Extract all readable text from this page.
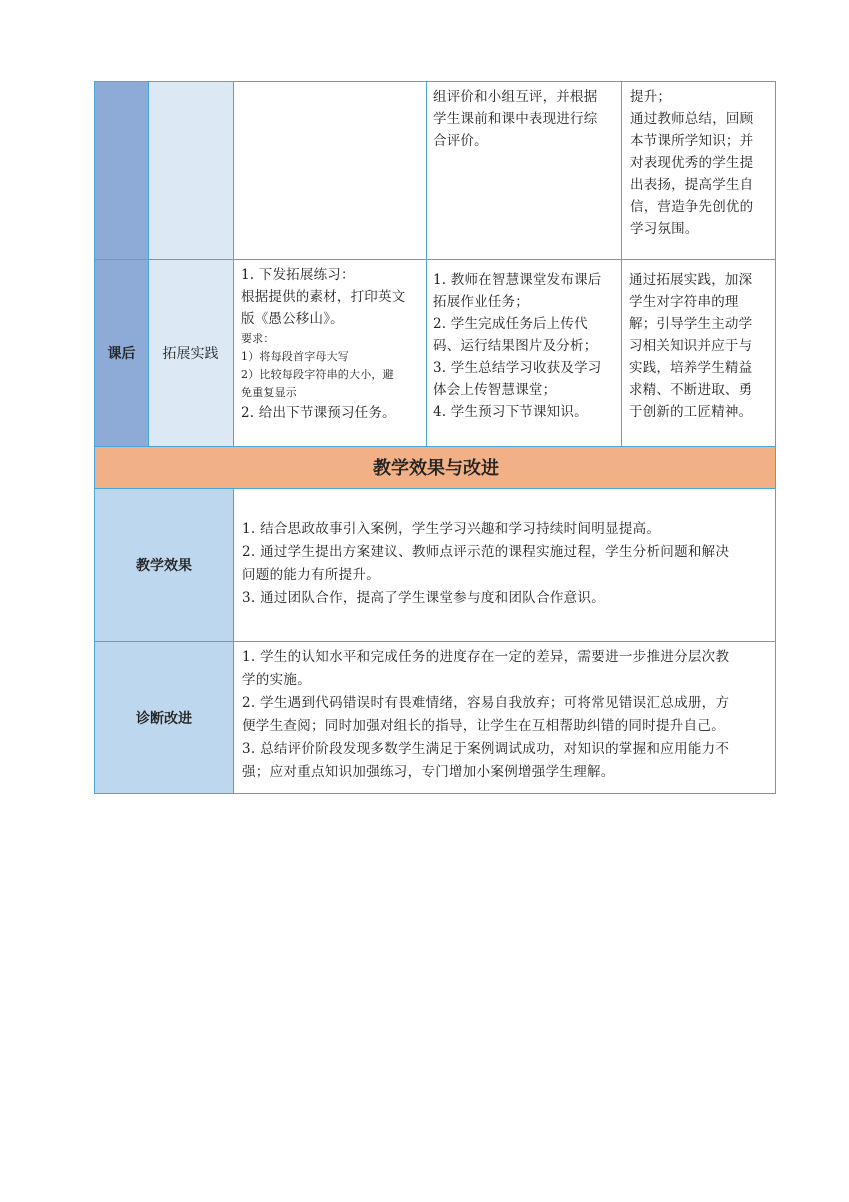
课后 拓展实践
组评价和小组互评，并根据
学生课前和课中表现进行综
合评价。
提升；
通过教师总结，回顾
本节课所学知识；并
对表现优秀的学生提
出表扬，提高学生自
信，营造争先创优的
学习氛围。
1. 下发拓展练习：
根据提供的素材，打印英文
版《愚公移山》。
要求：
1）将每段首字母大写
2）比较每段字符串的大小，避
免重复显示
2. 给出下节课预习任务。
1. 教师在智慧课堂发布课后
拓展作业任务；
2. 学生完成任务后上传代
码、运行结果图片及分析；
3. 学生总结学习收获及学习
体会上传智慧课堂；
4. 学生预习下节课知识。
通过拓展实践，加深
学生对字符串的理
解；引导学生主动学
习相关知识并应于与
实践，培养学生精益
求精、不断进取、勇
于创新的工匠精神。
教学效果与改进
教学效果
1. 结合思政故事引入案例，学生学习兴趣和学习持续时间明显提高。
2. 通过学生提出方案建议、教师点评示范的课程实施过程，学生分析问题和解决
问题的能力有所提升。
3. 通过团队合作，提高了学生课堂参与度和团队合作意识。
诊断改进
1. 学生的认知水平和完成任务的进度存在一定的差异，需要进一步推进分层次教
学的实施。
2. 学生遇到代码错误时有畏难情绪，容易自我放弃；可将常见错误汇总成册，方
便学生查阅；同时加强对组长的指导，让学生在互相帮助纠错的同时提升自己。
3. 总结评价阶段发现多数学生满足于案例调试成功，对知识的掌握和应用能力不
强；应对重点知识加强练习，专门增加小案例增强学生理解。
